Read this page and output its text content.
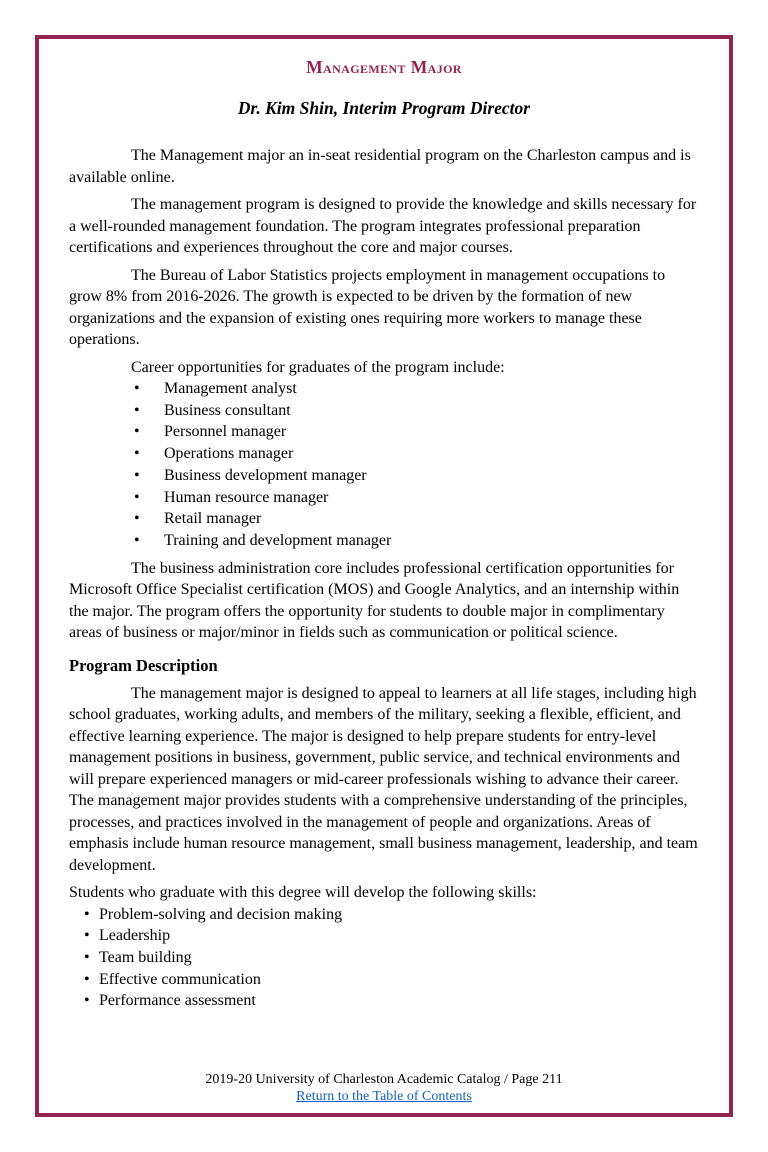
Management Major
Dr. Kim Shin, Interim Program Director

The Management major an in-seat residential program on the Charleston campus and is available online.

The management program is designed to provide the knowledge and skills necessary for a well-rounded management foundation. The program integrates professional preparation certifications and experiences throughout the core and major courses.

The Bureau of Labor Statistics projects employment in management occupations to grow 8% from 2016-2026. The growth is expected to be driven by the formation of new organizations and the expansion of existing ones requiring more workers to manage these operations.

Career opportunities for graduates of the program include:

• Management analyst
• Business consultant
• Personnel manager
• Operations manager
• Business development manager
• Human resource manager
• Retail manager
• Training and development manager

The business administration core includes professional certification opportunities for Microsoft Office Specialist certification (MOS) and Google Analytics, and an internship within the major. The program offers the opportunity for students to double major in complimentary areas of business or major/minor in fields such as communication or political science.

Program Description

The management major is designed to appeal to learners at all life stages, including high school graduates, working adults, and members of the military, seeking a flexible, efficient, and effective learning experience. The major is designed to help prepare students for entry-level management positions in business, government, public service, and technical environments and will prepare experienced managers or mid-career professionals wishing to advance their career. The management major provides students with a comprehensive understanding of the principles, processes, and practices involved in the management of people and organizations. Areas of emphasis include human resource management, small business management, leadership, and team development.

Students who graduate with this degree will develop the following skills:

• Problem-solving and decision making
• Leadership
• Team building
• Effective communication
• Performance assessment
2019-20 University of Charleston Academic Catalog / Page 211
Return to the Table of Contents
